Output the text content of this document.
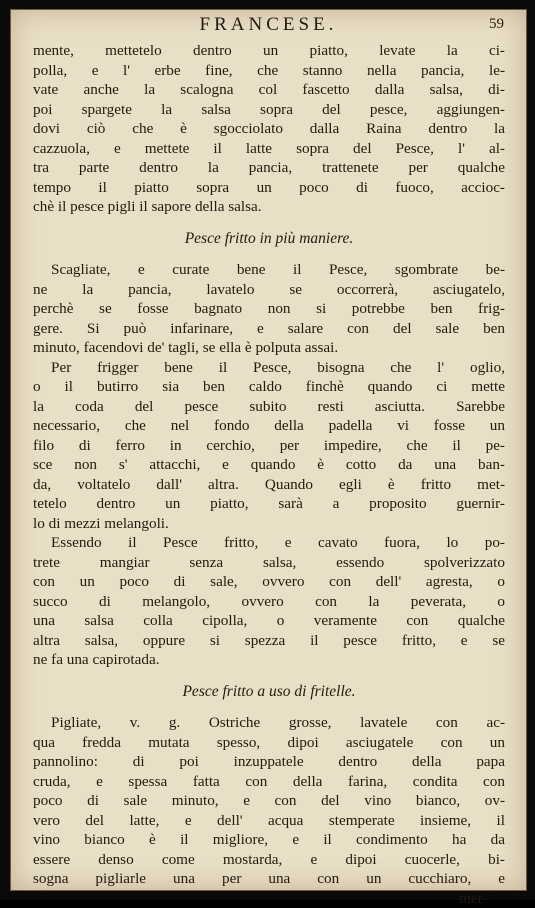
FRANCESE.	59
mente, mettetelo dentro un piatto, levate la ci-
polla, e l' erbe fine, che stanno nella pancia, le-
vate anche la scalogna col fascetto dalla salsa, di-
poi spargete la salsa sopra del pesce, aggiungen-
dovi ciò che è sgocciolato dalla Raina dentro la
cazzuola, e mettete il latte sopra del Pesce, l' al-
tra parte dentro la pancia, trattenete per qualche
tempo il piatto sopra un poco di fuoco, accioc-
chè il pesce pigli il sapore della salsa.
Pesce fritto in più maniere.
Scagliate, e curate bene il Pesce, sgombrate be-
ne la pancia, lavatelo se occorrerà, asciugatelo,
perchè se fosse bagnato non si potrebbe ben frig-
gere. Si può infarinare, e salare con del sale ben
minuto, facendovi de' tagli, se ella è polputa assai.
Per frigger bene il Pesce, bisogna che l' oglio,
o il butirro sia ben caldo finchè quando ci mette
la coda del pesce subito resti asciutta. Sarebbe
necessario, che nel fondo della padella vi fosse un
filo di ferro in cerchio, per impedire, che il pe-
sce non s' attacchi, e quando è cotto da una ban-
da, voltatelo dall' altra. Quando egli è fritto met-
tetelo dentro un piatto, sarà a proposito guernir-
lo di mezzi melangoli.
Essendo il Pesce fritto, e cavato fuora, lo po-
trete mangiar senza salsa, essendo spolverizzato
con un poco di sale, ovvero con dell' agresta, o
succo di melangolo, ovvero con la peverata, o
una salsa colla cipolla, o veramente con qualche
altra salsa, oppure si spezza il pesce fritto, e se
ne fa una capirotada.
Pesce fritto a uso di fritelle.
Pigliate, v. g. Ostriche grosse, lavatele con ac-
qua fredda mutata spesso, dipoi asciugatele con un
pannolino: di poi inzuppatele dentro della papa
cruda, e spessa fatta con della farina, condita con
poco di sale minuto, e con del vino bianco, ov-
vero del latte, e dell' acqua stemperate insieme, il
vino bianco è il migliore, e il condimento ha da
essere denso come mostarda, e dipoi cuocerle, bi-
sogna pigliarle una per una con un cucchiaro, e
met-
